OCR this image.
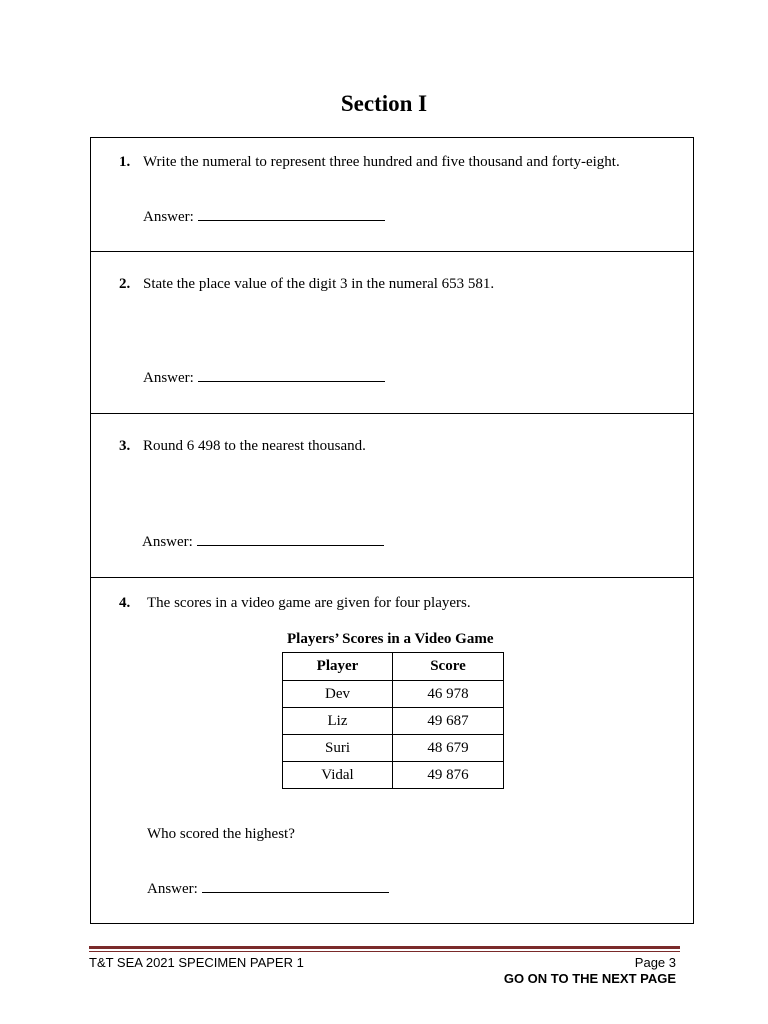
Section I
1. Write the numeral to represent three hundred and five thousand and forty-eight.
Answer:
2. State the place value of the digit 3 in the numeral 653 581.
Answer:
3. Round 6 498 to the nearest thousand.
Answer:
4. The scores in a video game are given for four players.
Players’ Scores in a Video Game
Player	Score
Dev	46 978
Liz	49 687
Suri	48 679
Vidal	49 876
Who scored the highest?
Answer:
T&T SEA 2021 SPECIMEN PAPER 1	Page 3
GO ON TO THE NEXT PAGE
